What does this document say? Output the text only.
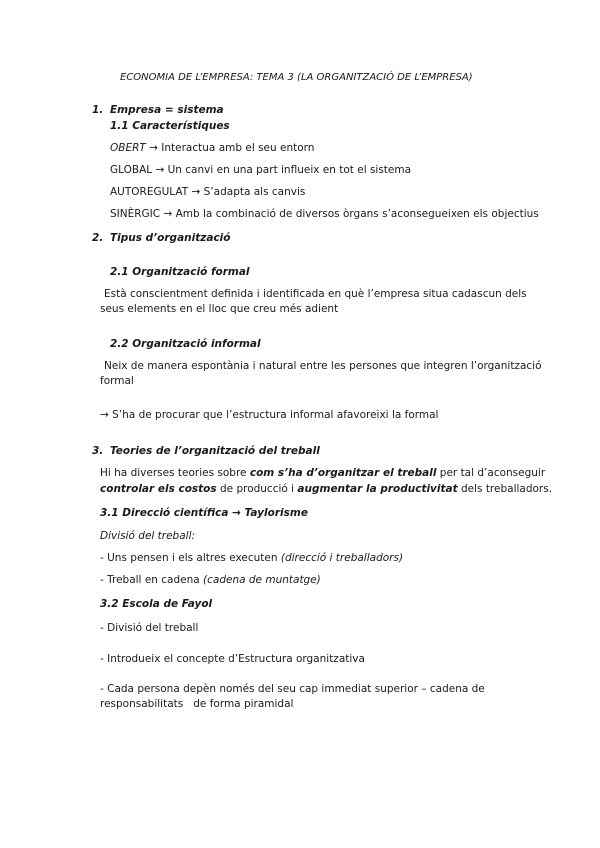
ECONOMIA DE L’EMPRESA: TEMA 3 (LA ORGANITZACIÓ DE L’EMPRESA)
1. Empresa = sistema
1.1 Característiques
OBERT → Interactua amb el seu entorn
GLOBAL → Un canvi en una part influeix en tot el sistema
AUTOREGULAT → S’adapta als canvis
SINÈRGIC → Amb la combinació de diversos òrgans s’aconsegueixen els objectius
2. Tipus d’organització
2.1 Organització formal
Està conscientment definida i identificada en què l’empresa situa cadascun dels
seus elements en el lloc que creu més adient
2.2 Organització informal
Neix de manera espontània i natural entre les persones que integren l’organització
formal
→ S’ha de procurar que l’estructura informal afavoreixi la formal
3. Teories de l’organització del treball
Hi ha diverses teories sobre com s’ha d’organitzar el treball per tal d’aconseguir
controlar els costos de producció i augmentar la productivitat dels treballadors.
3.1 Direcció científica → Taylorisme
Divisió del treball:
- Uns pensen i els altres executen (direcció i treballadors)
- Treball en cadena (cadena de muntatge)
3.2 Escola de Fayol
- Divisió del treball
- Introdueix el concepte d’Estructura organitzativa
- Cada persona depèn només del seu cap immediat superior – cadena de
responsabilitats   de forma piramidal
